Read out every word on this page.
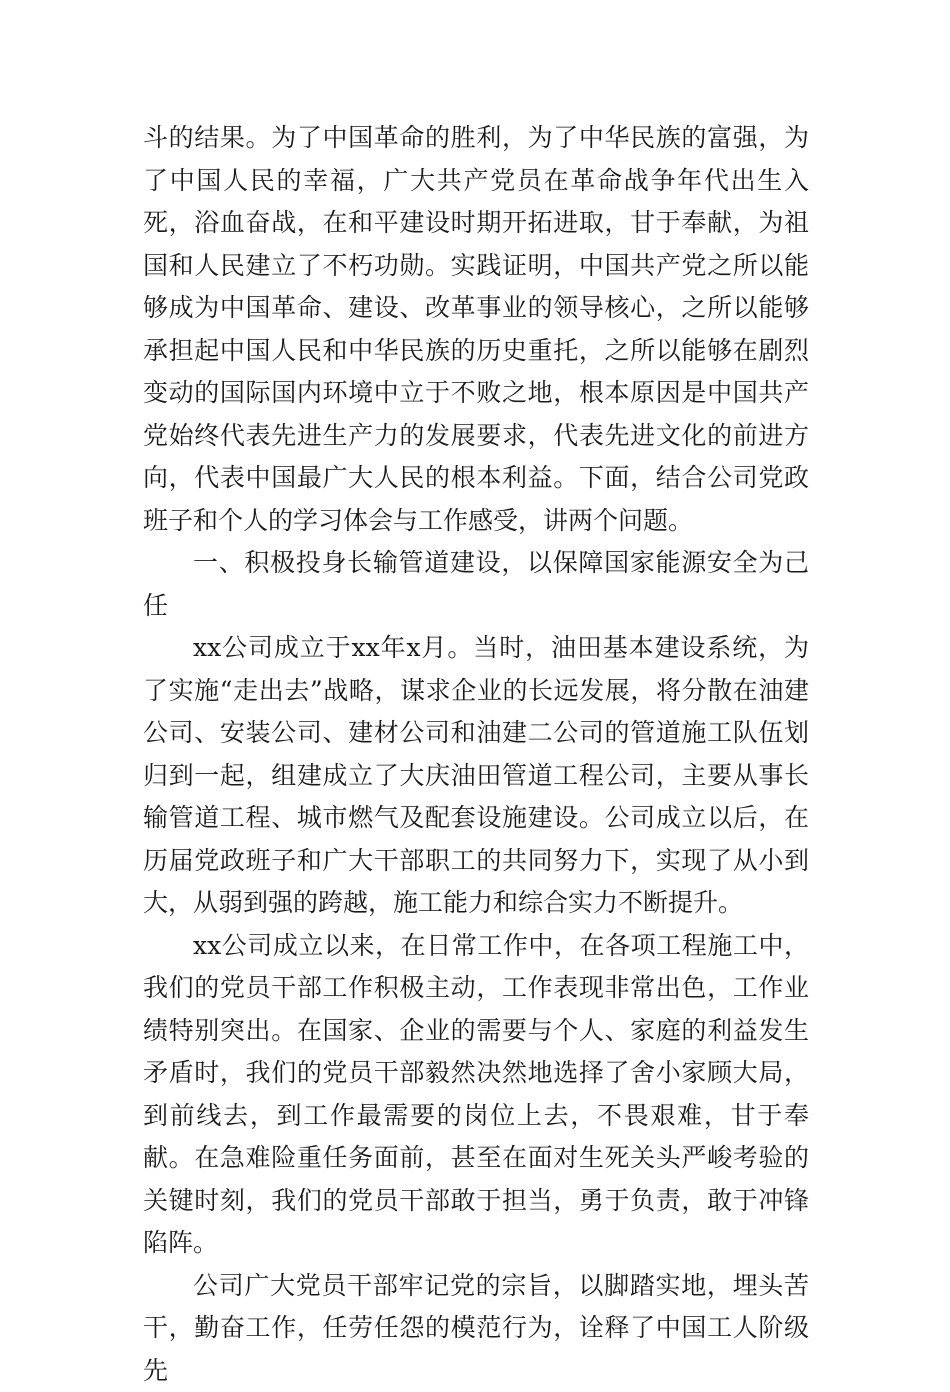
斗的结果。为了中国革命的胜利，为了中华民族的富强，为了中国人民的幸福，广大共产党员在革命战争年代出生入死，浴血奋战，在和平建设时期开拓进取，甘于奉献，为祖国和人民建立了不朽功勋。实践证明，中国共产党之所以能够成为中国革命、建设、改革事业的领导核心，之所以能够承担起中国人民和中华民族的历史重托，之所以能够在剧烈变动的国际国内环境中立于不败之地，根本原因是中国共产党始终代表先进生产力的发展要求，代表先进文化的前进方向，代表中国最广大人民的根本利益。下面，结合公司党政班子和个人的学习体会与工作感受，讲两个问题。

一、积极投身长输管道建设，以保障国家能源安全为己任

xx公司成立于xx年x月。当时，油田基本建设系统，为了实施“走出去”战略，谋求企业的长远发展，将分散在油建公司、安装公司、建材公司和油建二公司的管道施工队伍划归到一起，组建成立了大庆油田管道工程公司，主要从事长输管道工程、城市燃气及配套设施建设。公司成立以后，在历届党政班子和广大干部职工的共同努力下，实现了从小到大，从弱到强的跨越，施工能力和综合实力不断提升。

xx公司成立以来，在日常工作中，在各项工程施工中，我们的党员干部工作积极主动，工作表现非常出色，工作业绩特别突出。在国家、企业的需要与个人、家庭的利益发生矛盾时，我们的党员干部毅然决然地选择了舍小家顾大局，到前线去，到工作最需要的岗位上去，不畏艰难，甘于奉献。在急难险重任务面前，甚至在面对生死关头严峻考验的关键时刻，我们的党员干部敢于担当，勇于负责，敢于冲锋陷阵。

公司广大党员干部牢记党的宗旨，以脚踏实地，埋头苦干，勤奋工作，任劳任怨的模范行为，诠释了中国工人阶级先
